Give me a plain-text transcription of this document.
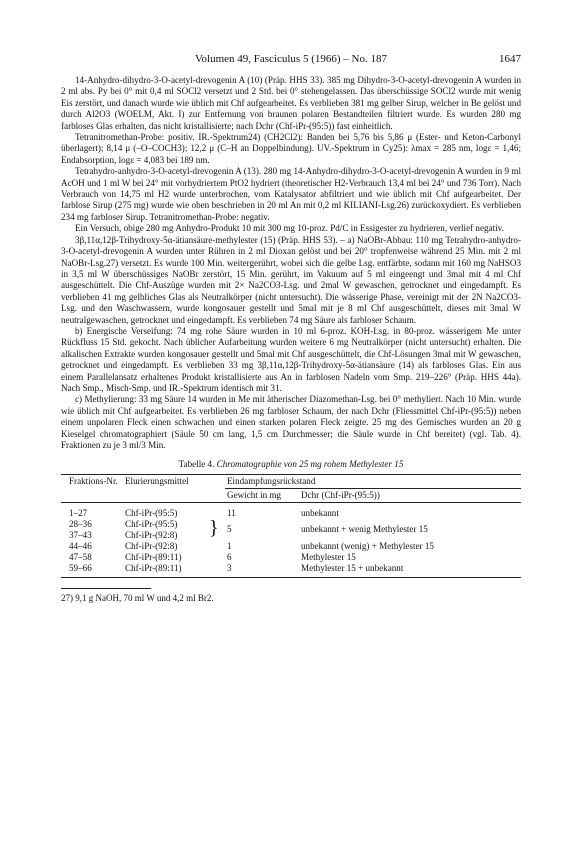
Volumen 49, Fasciculus 5 (1966) – No. 187	1647

14-Anhydro-dihydro-3-O-acetyl-drevogenin A (10) (Präp. HHS 33). 385 mg Dihydro-3-O-acetyl-drevogenin A wurden in 2 ml abs. Py bei 0° mit 0,4 ml SOCl2 versetzt und 2 Std. bei 0° stehengelassen. Das überschüssige SOCl2 wurde mit wenig Eis zerstört, und danach wurde wie üblich mit Chf aufgearbeitet. Es verblieben 381 mg gelber Sirup, welcher in Be gelöst und durch Al2O3 (WOELM, Akt. I) zur Entfernung von braunen polaren Bestandteilen filtriert wurde. Es wurden 280 mg farbloses Glas erhalten, das nicht kristallisierte; nach Dchr (Chf-iPr-(95:5)) fast einheitlich.

Tetranitromethan-Probe: positiv. IR.-Spektrum24) (CH2Cl2): Banden bei 5,76 bis 5,86 μ (Ester- und Keton-Carbonyl überlagert); 8,14 μ (–O–COCH3); 12,2 μ (C–H an Doppelbindung). UV.-Spektrum in Cy25): λmax = 285 nm, logε = 1,46; Endabsorption, logε = 4,083 bei 189 nm.

Tetrahydro-anhydro-3-O-acetyl-drevogenin A (13). 280 mg 14-Anhydro-dihydro-3-O-acetyl-drevogenin A wurden in 9 ml AcOH und 1 ml W bei 24° mit vorhydriertem PtO2 hydriert (theoretischer H2-Verbrauch 13,4 ml bei 24° und 736 Torr). Nach Verbrauch von 14,75 ml H2 wurde unterbrochen, vom Katalysator abfiltriert und wie üblich mit Chf aufgearbeitet. Der farblose Sirup (275 mg) wurde wie oben beschrieben in 20 ml An mit 0,2 ml KILIANI-Lsg.26) zurückoxydiert. Es verblieben 234 mg farbloser Sirup. Tetranitromethan-Probe: negativ.

Ein Versuch, obige 280 mg Anhydro-Produkt 10 mit 300 mg 10-proz. Pd/C in Essigester zu hydrieren, verlief negativ.

3β,11α,12β-Trihydroxy-5α-ätiansäure-methylester (15) (Präp. HHS 53). – a) NaOBr-Abbau: 110 mg Tetrahydro-anhydro-3-O-acetyl-drevogenin A wurden unter Rühren in 2 ml Dioxan gelöst und bei 20° tropfenweise während 25 Min. mit 2 ml NaOBr-Lsg.27) versetzt. Es wurde 100 Min. weitergerührt, wobei sich die gelbe Lsg. entfärbte, sodann mit 160 mg NaHSO3 in 3,5 ml W überschüssiges NaOBr zerstört, 15 Min. gerührt, im Vakuum auf 5 ml eingeengt und 3mal mit 4 ml Chf ausgeschüttelt. Die Chf-Auszüge wurden mit 2× Na2CO3-Lsg. und 2mal W gewaschen, getrocknet und eingedampft. Es verblieben 41 mg gelbliches Glas als Neutralkörper (nicht untersucht). Die wässerige Phase, vereinigt mit der 2N Na2CO3-Lsg. und den Waschwassern, wurde kongosauer gestellt und 5mal mit je 8 ml Chf ausgeschüttelt, dieses mit 3mal W neutralgewaschen, getrocknet und eingedampft. Es verblieben 74 mg Säure als farbloser Schaum.

b) Energische Verseifung: 74 mg rohe Säure wurden in 10 ml 6-proz. KOH-Lsg. in 80-proz. wässerigem Me unter Rückfluss 15 Std. gekocht. Nach üblicher Aufarbeitung wurden weitere 6 mg Neutralkörper (nicht untersucht) erhalten. Die alkalischen Extrakte wurden kongosauer gestellt und 5mal mit Chf ausgeschüttelt, die Chf-Lösungen 3mal mit W gewaschen, getrocknet und eingedampft. Es verblieben 33 mg 3β,11α,12β-Trihydroxy-5α-ätiansäure (14) als farbloses Glas. Ein aus einem Parallelansatz erhaltenes Produkt kristallisierte aus An in farblosen Nadeln vom Smp. 219–226° (Präp. HHS 44a). Nach Smp., Misch-Smp. und IR.-Spektrum identisch mit 31.

c) Methylierung: 33 mg Säure 14 wurden in Me mit ätherischer Diazomethan-Lsg. bei 0° methyliert. Nach 10 Min. wurde wie üblich mit Chf aufgearbeitet. Es verblieben 26 mg farbloser Schaum, der nach Dchr (Fliessmittel Chf-iPr-(95:5)) neben einem unpolaren Fleck einen schwachen und einen starken polaren Fleck zeigte. 25 mg des Gemisches wurden an 20 g Kieselgel chromatographiert (Säule 50 cm lang, 1,5 cm Durchmesser; die Säule wurde in Chf bereitet) (vgl. Tab. 4). Fraktionen zu je 3 ml/3 Min.

Tabelle 4. Chromatographie von 25 mg rohem Methylester 15
Fraktions-Nr.	Elurierungsmittel	Eindampfungsrückstand	
		Gewicht in mg	Dchr (Chf-iPr-(95:5))
1–27	Chf-iPr-(95:5)	11	unbekannt
28–36	Chf-iPr-(95:5)	} 5	unbekannt + wenig Methylester 15
37–43	Chf-iPr-(92:8)		
44–46	Chf-iPr-(92:8)	1	unbekannt (wenig) + Methylester 15
47–58	Chf-iPr-(89:11)	6	Methylester 15
59–66	Chf-iPr-(89:11)	3	Methylester 15 + unbekannt
27) 9,1 g NaOH, 70 ml W und 4,2 ml Br2.
